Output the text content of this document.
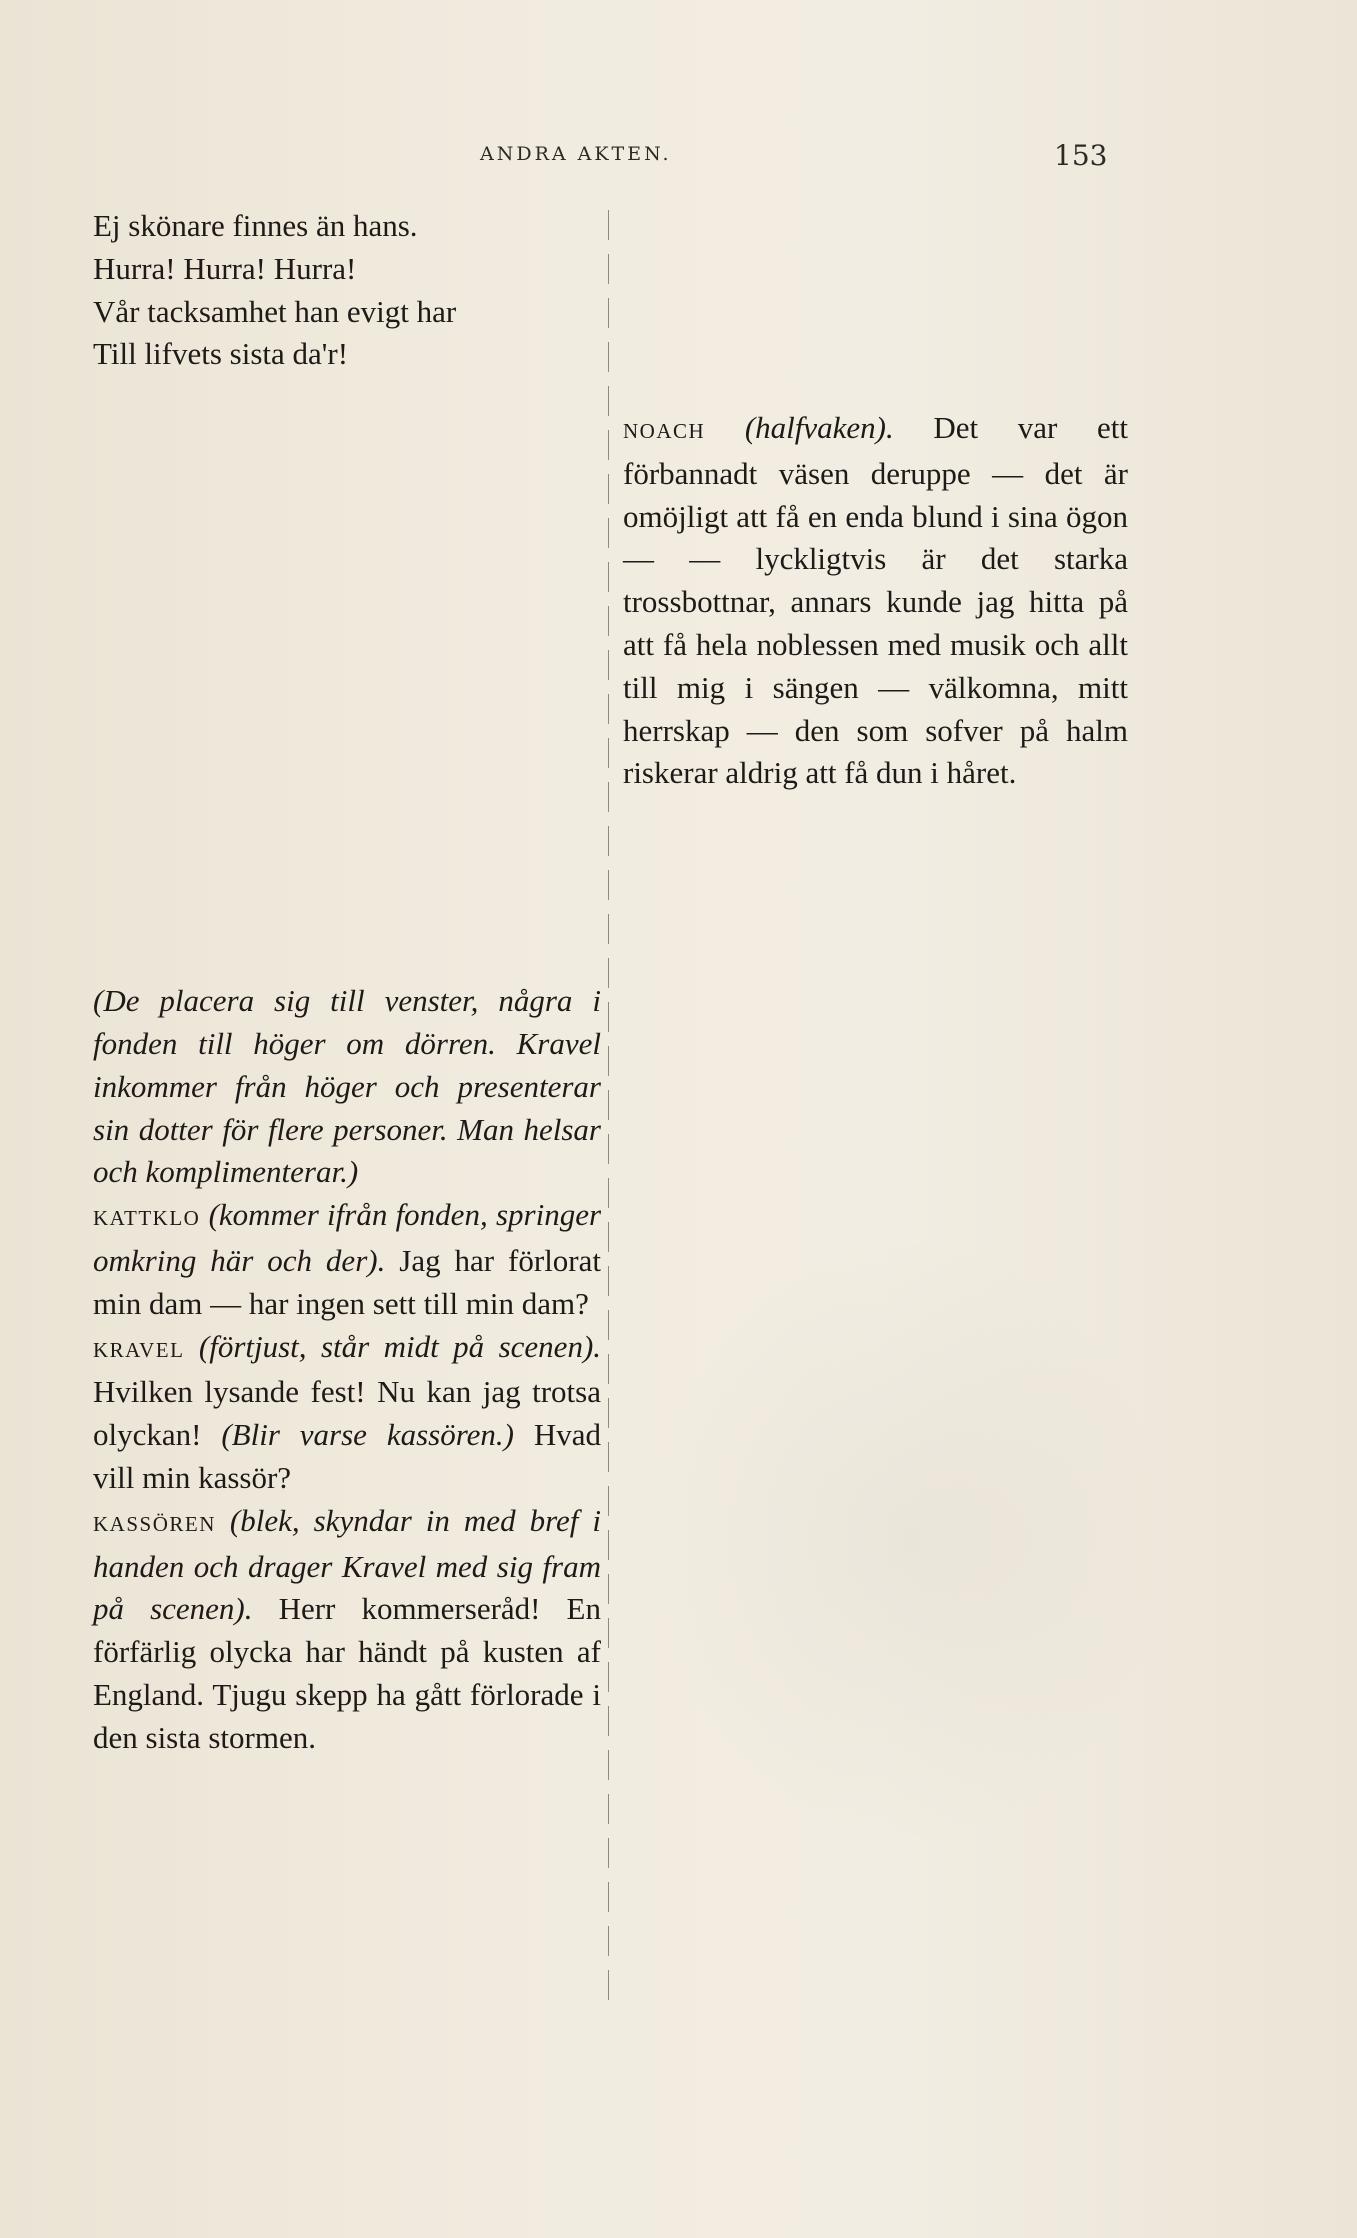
ANDRA AKTEN.	153

Ej skönare finnes än hans.

Hurra! Hurra! Hurra!

Vår tacksamhet han evigt har

Till lifvets sista da'r!

(De placera sig till venster, några i fonden till höger om dörren. Kravel inkommer från höger och presenterar sin dotter för flere personer. Man helsar och komplimenterar.)

KATTKLO (kommer ifrån fonden, springer omkring här och der). Jag har förlorat min dam — har ingen sett till min dam?

KRAVEL (förtjust, står midt på scenen). Hvilken lysande fest! Nu kan jag trotsa olyckan! (Blir varse kassören.) Hvad vill min kassör?

KASSÖREN (blek, skyndar in med bref i handen och drager Kravel med sig fram på scenen). Herr kommerseråd! En förfärlig olycka har händt på kusten af England. Tjugu skepp ha gått förlorade i den sista stormen.

NOACH (halfvaken). Det var ett förbannadt väsen deruppe — det är omöjligt att få en enda blund i sina ögon — — lyckligtvis är det starka trossbottnar, annars kunde jag hitta på att få hela noblessen med musik och allt till mig i sängen — välkomna, mitt herrskap — den som sofver på halm riskerar aldrig att få dun i håret.
